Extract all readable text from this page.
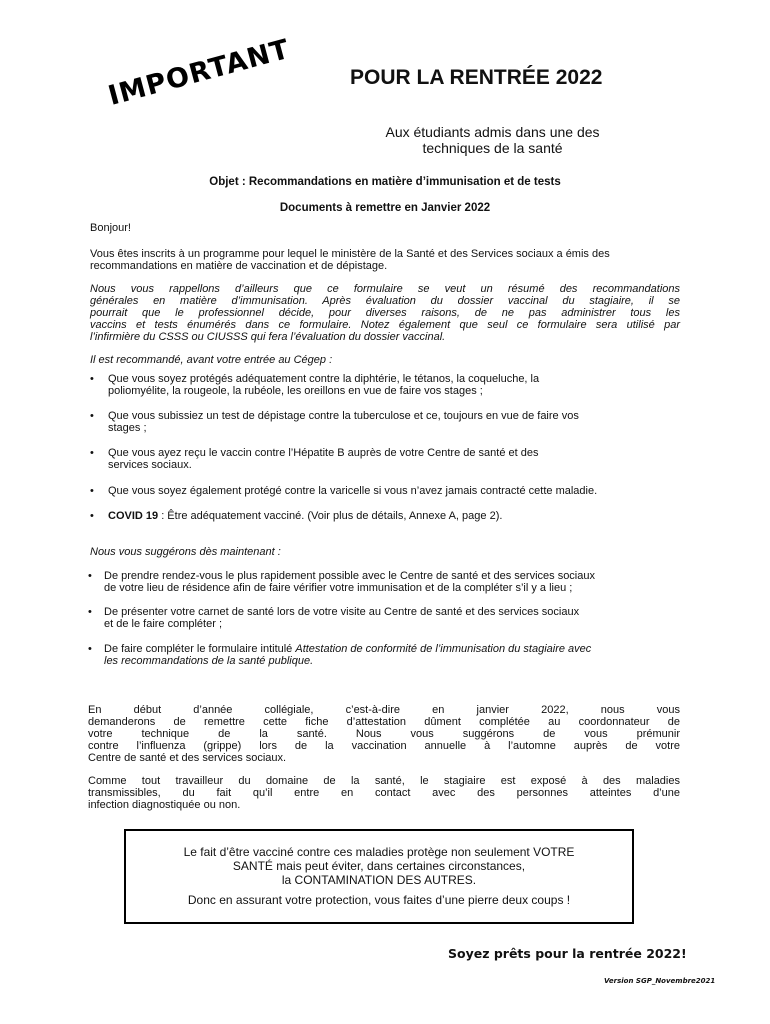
IMPORTANT	POUR LA RENTRÉE 2022
Aux étudiants admis dans une des
techniques de la santé
Objet : Recommandations en matière d’immunisation et de tests
Documents à remettre en Janvier 2022
Bonjour!
Vous êtes inscrits à un programme pour lequel le ministère de la Santé et des Services sociaux a émis des
recommandations en matière de vaccination et de dépistage.
Nous vous rappellons d’ailleurs que ce formulaire se veut un résumé des recommandations
générales en matière d’immunisation. Après évaluation du dossier vaccinal du stagiaire, il se
pourrait que le professionnel décide, pour diverses raisons, de ne pas administrer tous les
vaccins et tests énumérés dans ce formulaire. Notez également que seul ce formulaire sera utilisé par
l’infirmière du CSSS ou CIUSSS qui fera l’évaluation du dossier vaccinal.
Il est recommandé, avant votre entrée au Cégep :
• Que vous soyez protégés adéquatement contre la diphtérie, le tétanos, la coqueluche, la
poliomyélite, la rougeole, la rubéole, les oreillons en vue de faire vos stages ;
• Que vous subissiez un test de dépistage contre la tuberculose et ce, toujours en vue de faire vos
stages ;
• Que vous ayez reçu le vaccin contre l’Hépatite B auprès de votre Centre de santé et des
services sociaux.
• Que vous soyez également protégé contre la varicelle si vous n’avez jamais contracté cette maladie.
• COVID 19 : Être adéquatement vacciné. (Voir plus de détails, Annexe A, page 2).
Nous vous suggérons dès maintenant :
• De prendre rendez-vous le plus rapidement possible avec le Centre de santé et des services sociaux
de votre lieu de résidence afin de faire vérifier votre immunisation et de la compléter s’il y a lieu ;
• De présenter votre carnet de santé lors de votre visite au Centre de santé et des services sociaux
et de le faire compléter ;
• De faire compléter le formulaire intitulé Attestation de conformité de l’immunisation du stagiaire avec
les recommandations de la santé publique.
En début d’année collégiale, c’est-à-dire en janvier 2022, nous vous
demanderons de remettre cette fiche d’attestation dûment complétée au coordonnateur de
votre technique de la santé. Nous vous suggérons de vous prémunir
contre l’influenza (grippe) lors de la vaccination annuelle à l’automne auprès de votre
Centre de santé et des services sociaux.
Comme tout travailleur du domaine de la santé, le stagiaire est exposé à des maladies
transmissibles, du fait qu’il entre en contact avec des personnes atteintes d’une
infection diagnostiquée ou non.
Le fait d’être vacciné contre ces maladies protège non seulement VOTRE
SANTÉ mais peut éviter, dans certaines circonstances,
la CONTAMINATION DES AUTRES.
Donc en assurant votre protection, vous faites d’une pierre deux coups !
Soyez prêts pour la rentrée 2022!
Version SGP_Novembre2021
